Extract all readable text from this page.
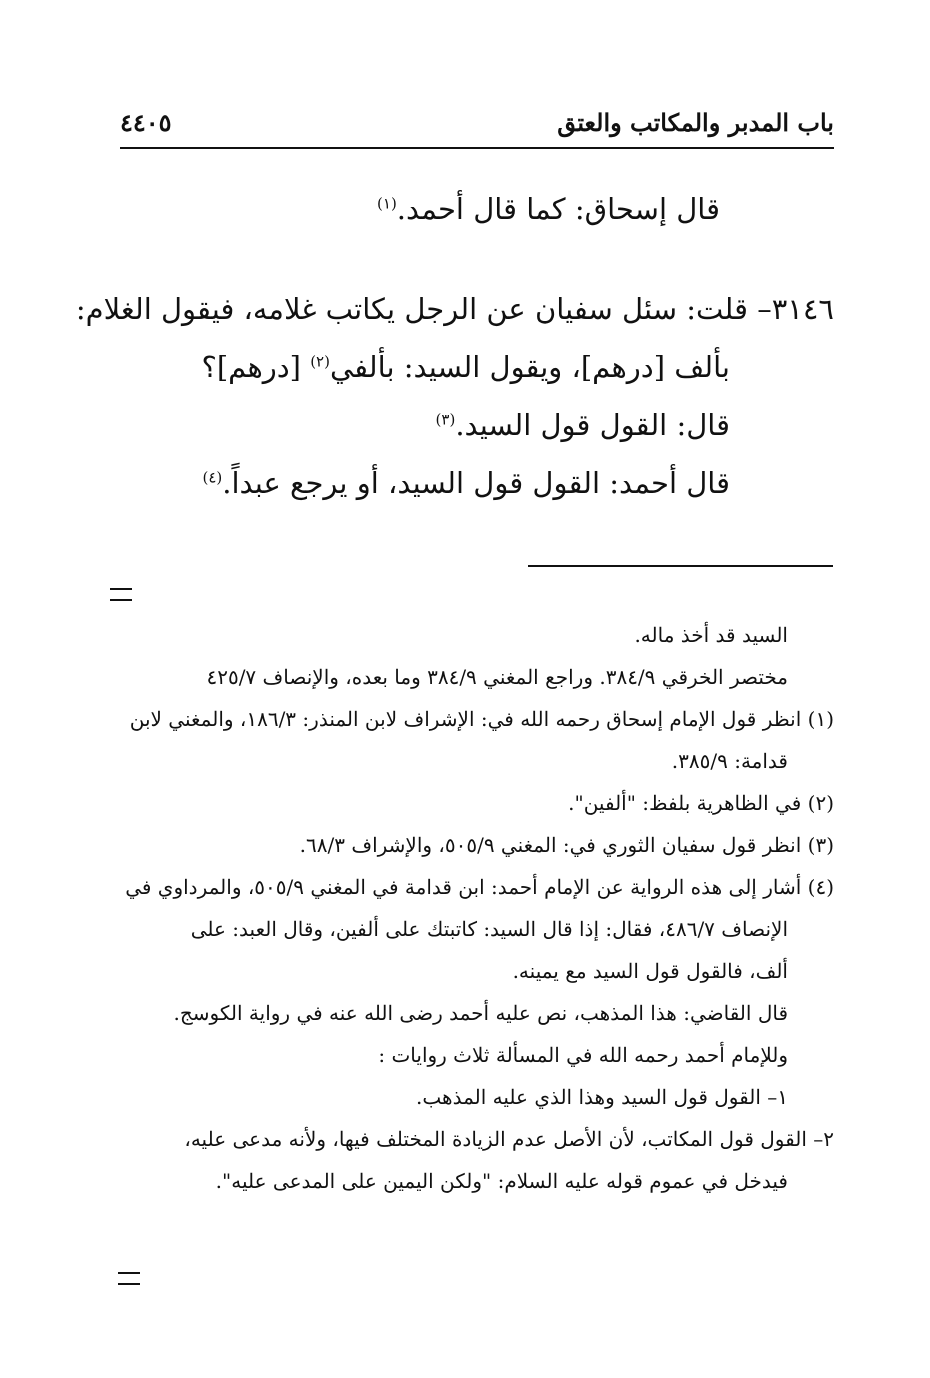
باب المدبر والمكاتب والعتق
٤٤٠٥
قال إسحاق: كما قال أحمد.$^{(١)}$
٣١٤٦– قلت: سئل سفيان عن الرجل يكاتب غلامه، فيقول الغلام:
بألف [درهم]، ويقول السيد: بألفي$^{(٢)}$ [درهم]؟
قال: القول قول السيد.$^{(٣)}$
قال أحمد: القول قول السيد، أو يرجع عبداً.$^{(٤)}$
السيد قد أخذ ماله.
مختصر الخرقي ٣٨٤/٩. وراجع المغني ٣٨٤/٩ وما بعده، والإنصاف ٤٢٥/٧
(١) انظر قول الإمام إسحاق رحمه الله في: الإشراف لابن المنذر: ١٨٦/٣، والمغني لابن
قدامة: ٣٨٥/٩.
(٢) في الظاهرية بلفظ: "ألفين".
(٣) انظر قول سفيان الثوري في: المغني ٥٠٥/٩، والإشراف ٦٨/٣.
(٤) أشار إلى هذه الرواية عن الإمام أحمد: ابن قدامة في المغني ٥٠٥/٩، والمرداوي في
الإنصاف ٤٨٦/٧، فقال: إذا قال السيد: كاتبتك على ألفين، وقال العبد: على
ألف، فالقول قول السيد مع يمينه.
قال القاضي: هذا المذهب، نص عليه أحمد رضى الله عنه في رواية الكوسج.
وللإمام أحمد رحمه الله في المسألة ثلاث روايات :
١– القول قول السيد وهذا الذي عليه المذهب.
٢– القول قول المكاتب، لأن الأصل عدم الزيادة المختلف فيها، ولأنه مدعى عليه،
فيدخل في عموم قوله عليه السلام: "ولكن اليمين على المدعى عليه".
